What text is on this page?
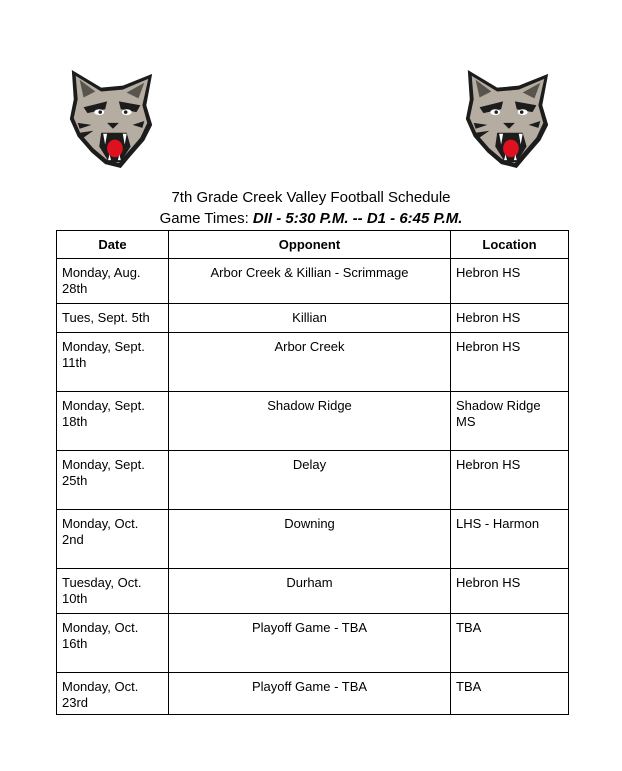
7th Grade Creek Valley Football Schedule
Game Times: DII - 5:30 P.M. -- D1 - 6:45 P.M.
Date	Opponent	Location
Monday, Aug. 28th	Arbor Creek & Killian - Scrimmage	Hebron HS
Tues, Sept. 5th	Killian	Hebron HS
Monday, Sept. 11th	Arbor Creek	Hebron HS
Monday, Sept. 18th	Shadow Ridge	Shadow Ridge MS
Monday, Sept. 25th	Delay	Hebron HS
Monday, Oct. 2nd	Downing	LHS - Harmon
Tuesday, Oct. 10th	Durham	Hebron HS
Monday, Oct. 16th	Playoff Game - TBA	TBA
Monday, Oct. 23rd	Playoff Game - TBA	TBA
